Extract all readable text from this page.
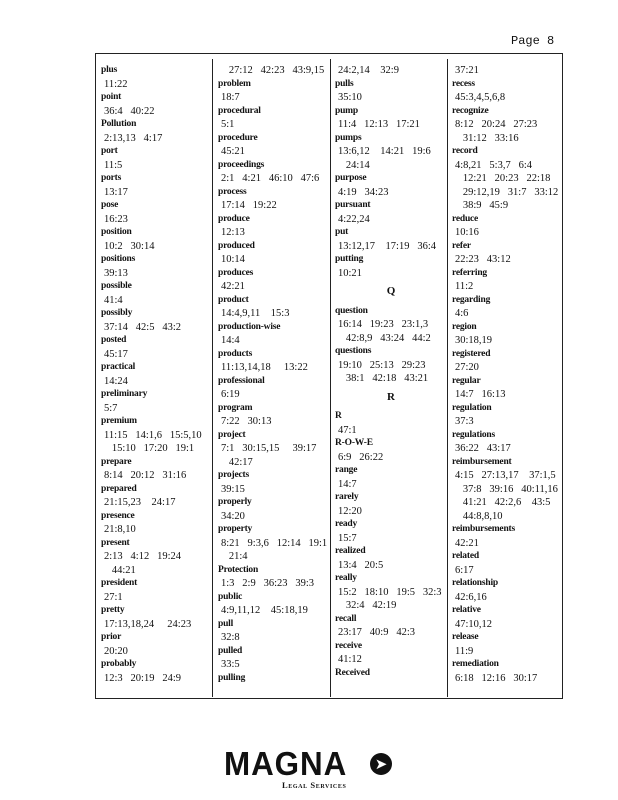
Page 8
plus
11:22
point
36:4   40:22
Pollution
2:13,13   4:17
port
11:5
ports
13:17
pose
16:23
position
10:2   30:14
positions
39:13
possible
41:4
possibly
37:14   42:5   43:2
posted
45:17
practical
14:24
preliminary
5:7
premium
11:15   14:1,6   15:5,10
15:10   17:20   19:1
prepare
8:14   20:12   31:16
prepared
21:15,23    24:17
presence
21:8,10
present
2:13   4:12   19:24
44:21
president
27:1
pretty
17:13,18,24     24:23
prior
20:20
probably
12:3   20:19   24:9
27:12   42:23   43:9,15
problem
18:7
procedural
5:1
procedure
45:21
proceedings
2:1   4:21   46:10   47:6
process
17:14   19:22
produce
12:13
produced
10:14
produces
42:21
product
14:4,9,11    15:3
production-wise
14:4
products
11:13,14,18     13:22
professional
6:19
program
7:22   30:13
project
7:1   30:15,15     39:17
42:17
projects
39:15
properly
34:20
property
8:21   9:3,6   12:14   19:1
21:4
Protection
1:3   2:9   36:23   39:3
public
4:9,11,12    45:18,19
pull
32:8
pulled
33:5
pulling
24:2,14    32:9
pulls
35:10
pump
11:4   12:13   17:21
pumps
13:6,12    14:21   19:6
24:14
purpose
4:19   34:23
pursuant
4:22,24
put
13:12,17    17:19   36:4
putting
10:21
Q
question
16:14   19:23   23:1,3
42:8,9   43:24   44:2
questions
19:10   25:13   29:23
38:1   42:18   43:21
R
R
47:1
R-O-W-E
6:9   26:22
range
14:7
rarely
12:20
ready
15:7
realized
13:4   20:5
really
15:2   18:10   19:5   32:3
32:4   42:19
recall
23:17   40:9   42:3
receive
41:12
Received
37:21
recess
45:3,4,5,6,8
recognize
8:12   20:24   27:23
31:12   33:16
record
4:8,21   5:3,7   6:4
12:21   20:23   22:18
29:12,19   31:7   33:12
38:9   45:9
reduce
10:16
refer
22:23   43:12
referring
11:2
regarding
4:6
region
30:18,19
registered
27:20
regular
14:7   16:13
regulation
37:3
regulations
36:22   43:17
reimbursement
4:15   27:13,17    37:1,5
37:8   39:16   40:11,16
41:21   42:2,6    43:5
44:8,8,10
reimbursements
42:21
related
6:17
relationship
42:6,16
relative
47:10,12
release
11:9
remediation
6:18   12:16   30:17
MAGNA	➤
Legal Services
